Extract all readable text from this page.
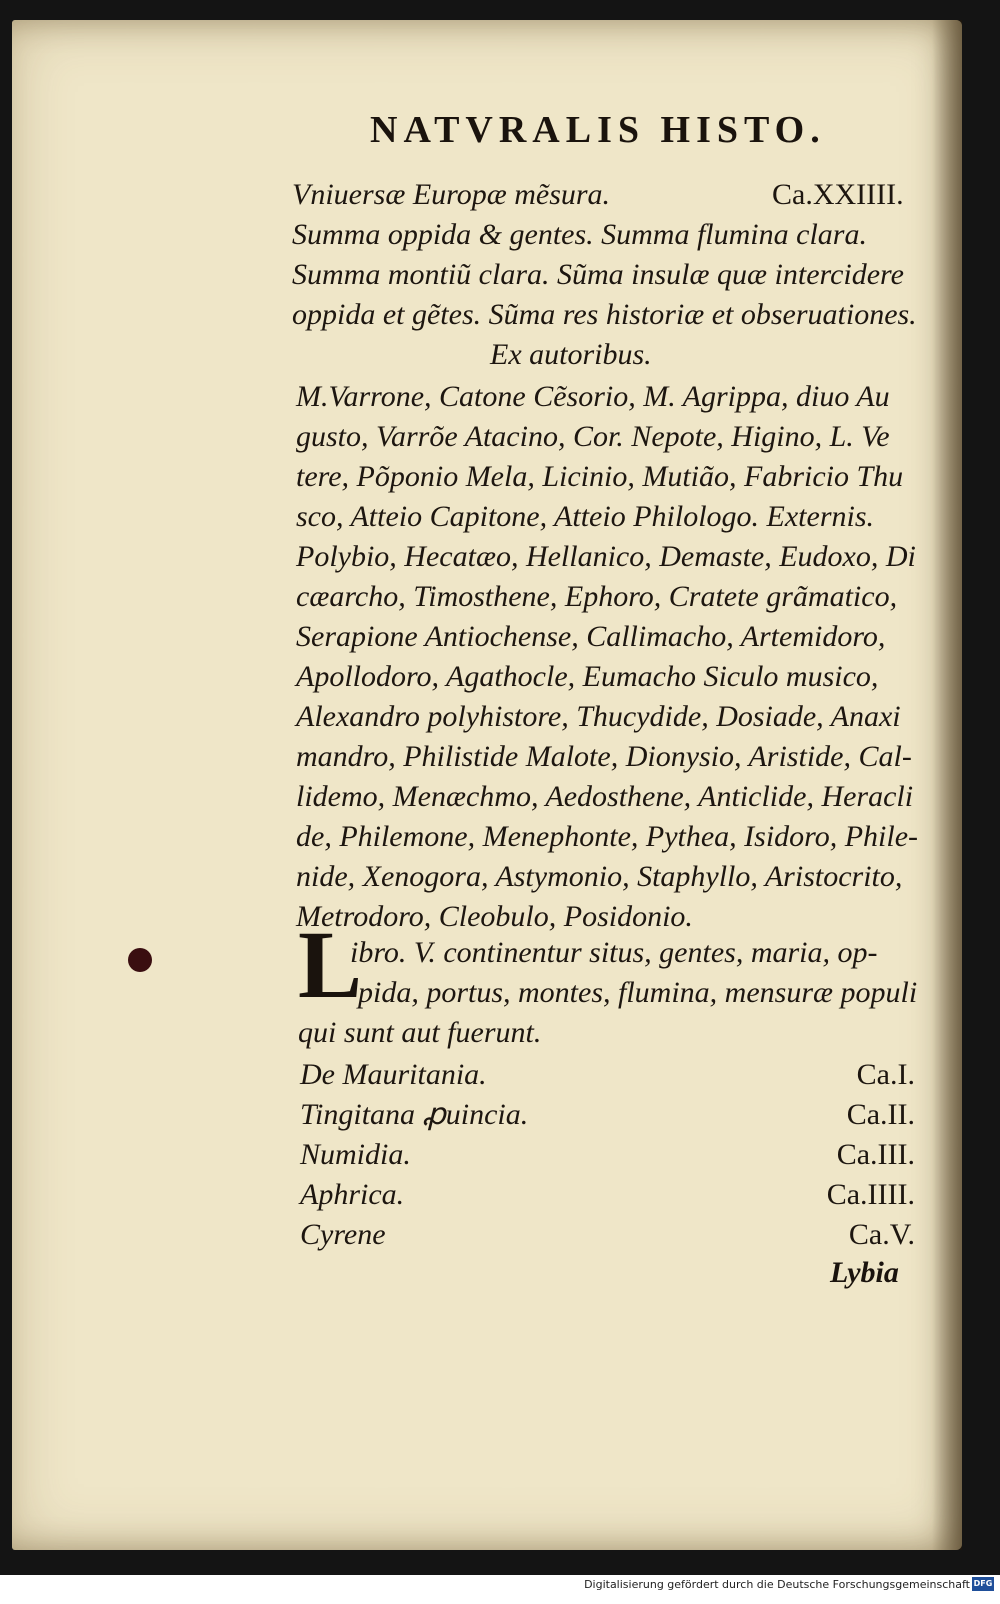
NATVRALIS HISTO.
Vniuersæ Europæ mẽsura.	Ca.XXIIII.
Summa oppida & gentes. Summa flumina clara.
Summa montiũ clara. Sũma insulæ quæ intercidere
oppida et gẽtes. Sũma res historiæ et obseruationes.
Ex autoribus.
M.Varrone, Catone Cẽsorio, M. Agrippa, diuo Au
gusto, Varrõe Atacino, Cor. Nepote, Higino, L. Ve
tere, Põponio Mela, Licinio, Mutião, Fabricio Thu
sco, Atteio Capitone, Atteio Philologo. Externis.
Polybio, Hecatæo, Hellanico, Demaste, Eudoxo, Di
cæarcho, Timosthene, Ephoro, Cratete grãmatico,
Serapione Antiochense, Callimacho, Artemidoro,
Apollodoro, Agathocle, Eumacho Siculo musico,
Alexandro polyhistore, Thucydide, Dosiade, Anaxi
mandro, Philistide Malote, Dionysio, Aristide, Cal-
lidemo, Menæchmo, Aedosthene, Anticlide, Heracli
de, Philemone, Menephonte, Pythea, Isidoro, Phile-
nide, Xenogora, Astymonio, Staphyllo, Aristocrito,
Metrodoro, Cleobulo, Posidonio.
L
ibro. V. continentur situs, gentes, maria, op-
pida, portus, montes, flumina, mensuræ populi
qui sunt aut fuerunt.
De Mauritania.	Ca.I.
Tingitana ꝓuincia.	Ca.II.
Numidia.	Ca.III.
Aphrica.	Ca.IIII.
Cyrene	Ca.V.
Lybia
Digitalisierung gefördert durch die Deutsche Forschungsgemeinschaft DFG
